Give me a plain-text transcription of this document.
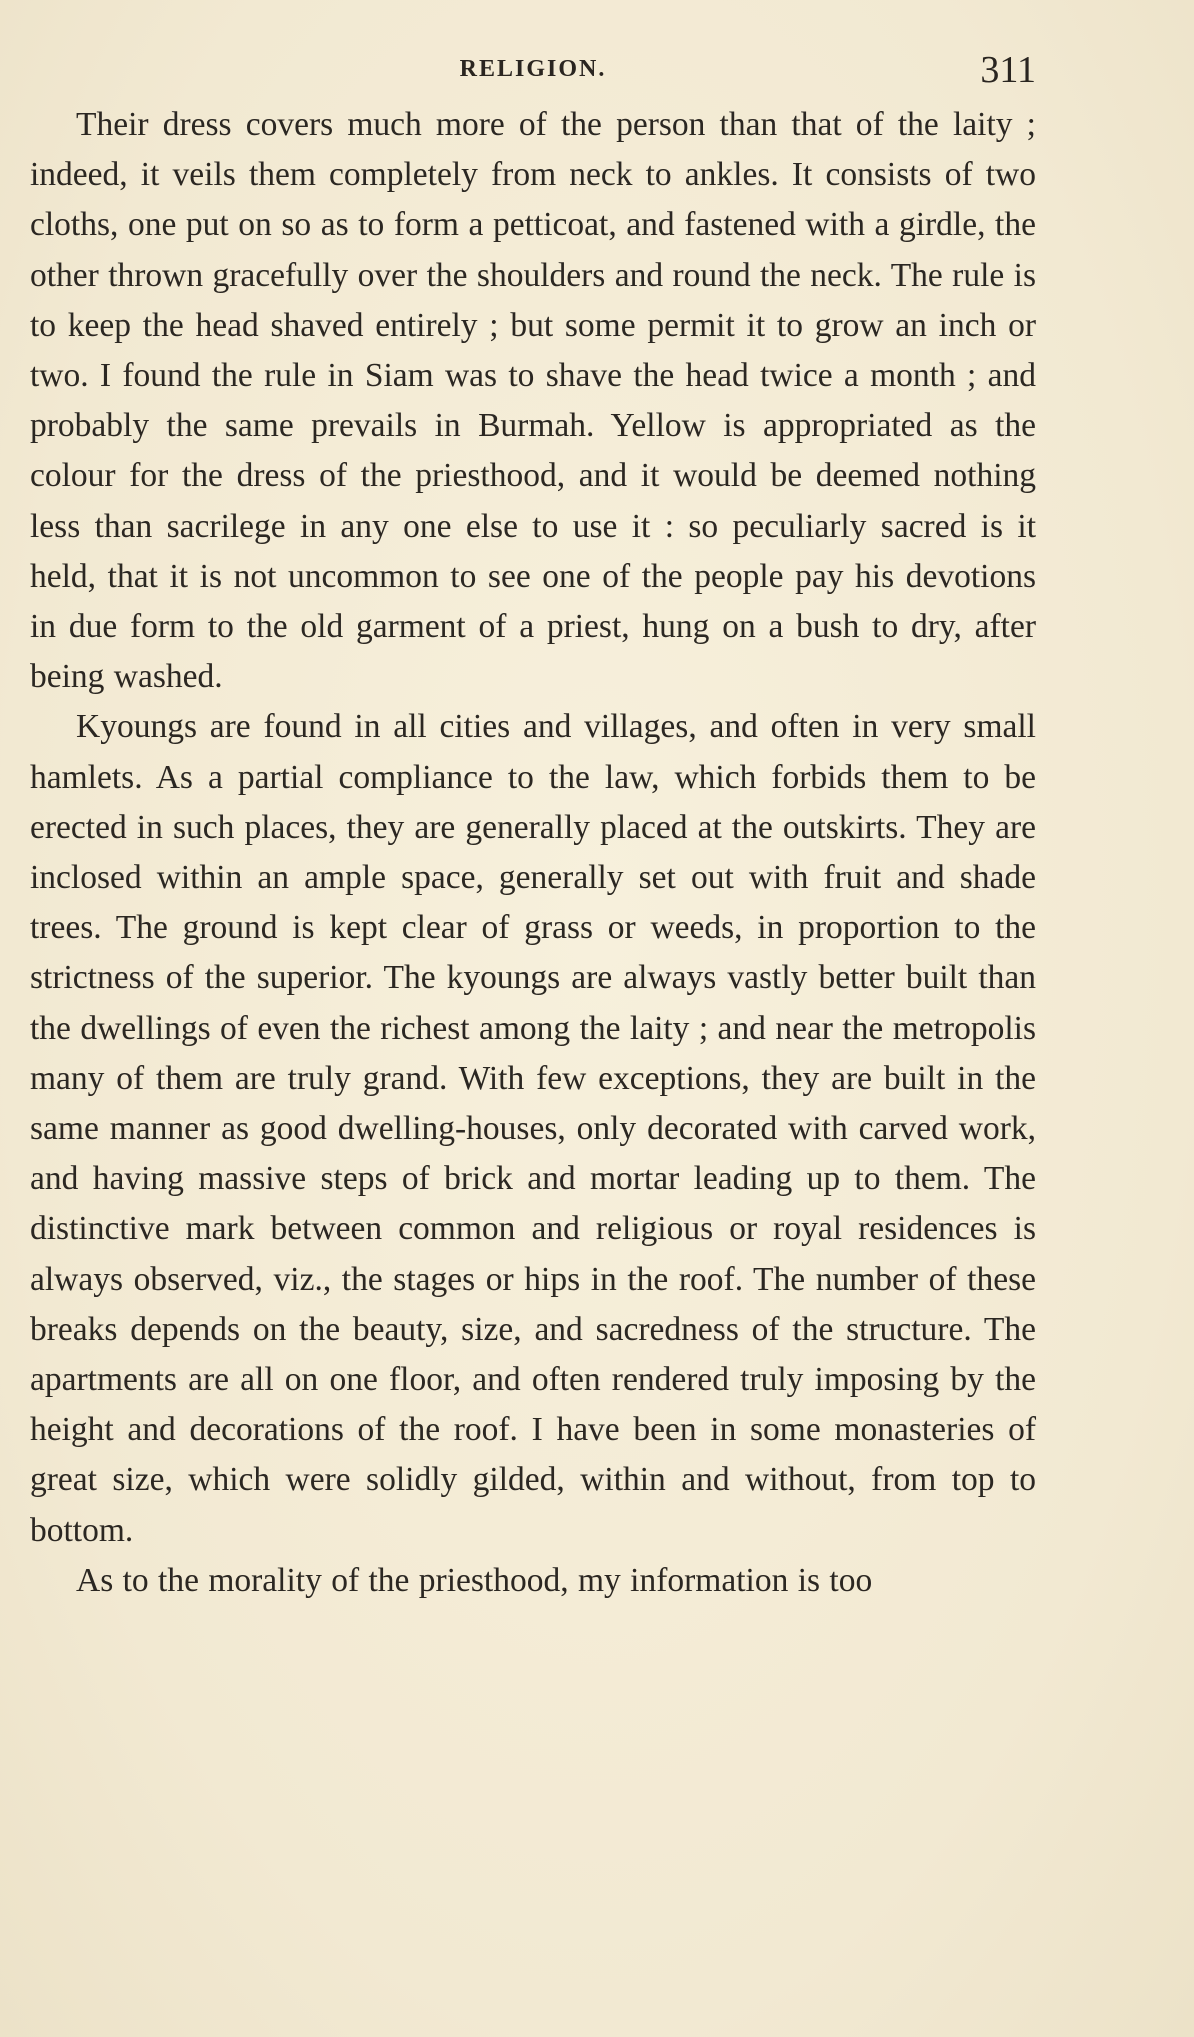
RELIGION.	311

Their dress covers much more of the person than that of the laity ; indeed, it veils them completely from neck to ankles. It consists of two cloths, one put on so as to form a petticoat, and fastened with a girdle, the other thrown gracefully over the shoulders and round the neck. The rule is to keep the head shaved entirely ; but some permit it to grow an inch or two. I found the rule in Siam was to shave the head twice a month ; and probably the same prevails in Burmah. Yellow is appropriated as the colour for the dress of the priesthood, and it would be deemed nothing less than sacrilege in any one else to use it : so peculiarly sacred is it held, that it is not uncommon to see one of the people pay his devotions in due form to the old garment of a priest, hung on a bush to dry, after being washed.

Kyoungs are found in all cities and villages, and often in very small hamlets. As a partial compliance to the law, which forbids them to be erected in such places, they are generally placed at the outskirts. They are inclosed within an ample space, generally set out with fruit and shade trees. The ground is kept clear of grass or weeds, in proportion to the strictness of the superior. The kyoungs are always vastly better built than the dwellings of even the richest among the laity ; and near the metropolis many of them are truly grand. With few exceptions, they are built in the same manner as good dwelling-houses, only decorated with carved work, and having massive steps of brick and mortar leading up to them. The distinctive mark between common and religious or royal residences is always observed, viz., the stages or hips in the roof. The number of these breaks depends on the beauty, size, and sacredness of the structure. The apartments are all on one floor, and often rendered truly imposing by the height and decorations of the roof. I have been in some monasteries of great size, which were solidly gilded, within and without, from top to bottom.

As to the morality of the priesthood, my information is too
